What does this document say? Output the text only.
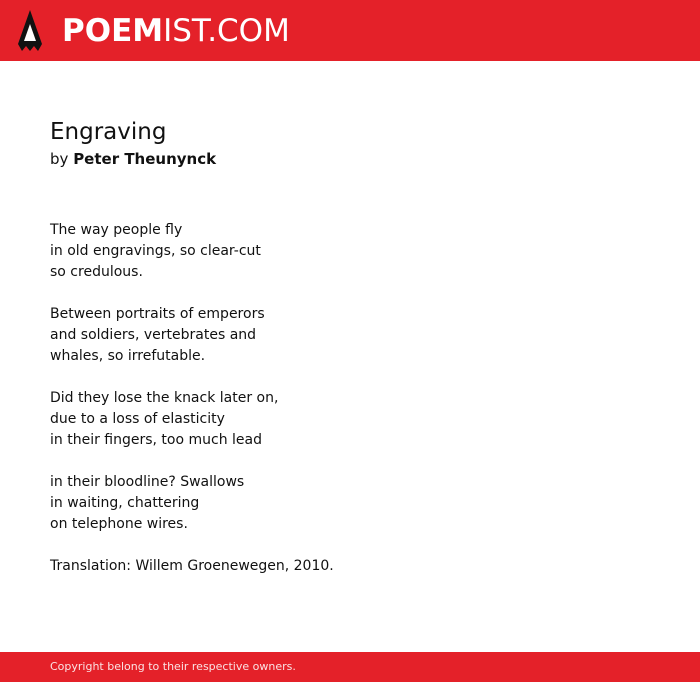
POEMIST.COM
Engraving

by Peter Theunynck

The way people fly
in old engravings, so clear-cut
so credulous.

Between portraits of emperors
and soldiers, vertebrates and
whales, so irrefutable.

Did they lose the knack later on,
due to a loss of elasticity
in their fingers, too much lead

in their bloodline? Swallows
in waiting, chattering
on telephone wires.

Translation: Willem Groenewegen, 2010.

Copyright belong to their respective owners.
